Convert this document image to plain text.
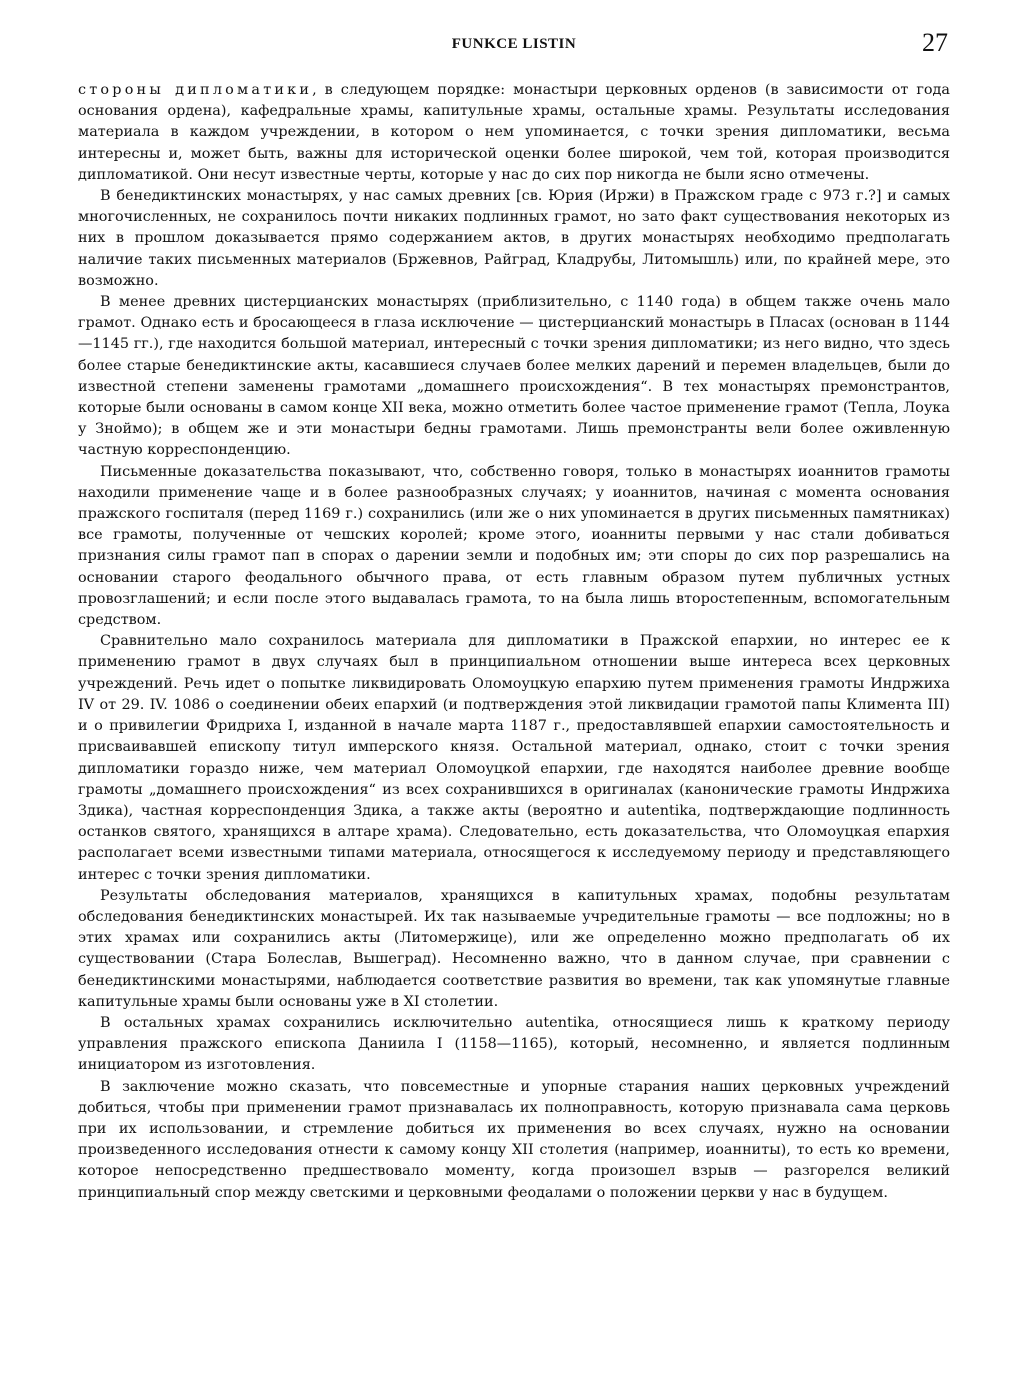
FUNKCE LISTIN	27

стороны дипломатики, в следующем порядке: монастыри церковных орденов (в зависимости от года основания ордена), кафедральные храмы, капитульные храмы, остальные храмы. Результаты исследования материала в каждом учреждении, в котором о нем упоминается, с точки зрения дипломатики, весьма интересны и, может быть, важны для исторической оценки более широкой, чем той, которая производится дипломатикой. Они несут известные черты, которые у нас до сих пор никогда не были ясно отмечены.

В бенедиктинских монастырях, у нас самых древних [св. Юрия (Иржи) в Пражском граде с 973 г.?] и самых многочисленных, не сохранилось почти никаких подлинных грамот, но зато факт существования некоторых из них в прошлом доказывается прямо содержанием актов, в других монастырях необходимо предполагать наличие таких письменных материалов (Бржевнов, Райград, Кладрубы, Литомышль) или, по крайней мере, это возможно.

В менее древних цистерцианских монастырях (приблизительно, с 1140 года) в общем также очень мало грамот. Однако есть и бросающееся в глаза исключение — цистерцианский монастырь в Пласах (основан в 1144—1145 гг.), где находится большой материал, интересный с точки зрения дипломатики; из него видно, что здесь более старые бенедиктинские акты, касавшиеся случаев более мелких дарений и перемен владельцев, были до известной степени заменены грамотами „домашнего происхождения“. В тех монастырях премонстрантов, которые были основаны в самом конце XII века, можно отметить более частое применение грамот (Тепла, Лоука у Зноймо); в общем же и эти монастыри бедны грамотами. Лишь премонстранты вели более оживленную частную корреспонденцию.

Письменные доказательства показывают, что, собственно говоря, только в монастырях иоаннитов грамоты находили применение чаще и в более разнообразных случаях; у иоаннитов, начиная с момента основания пражского госпиталя (перед 1169 г.) сохранились (или же о них упоминается в других письменных памятниках) все грамоты, полученные от чешских королей; кроме этого, иоанниты первыми у нас стали добиваться признания силы грамот пап в спорах о дарении земли и подобных им; эти споры до сих пор разрешались на основании старого феодального обычного права, от есть главным образом путем публичных устных провозглашений; и если после этого выдавалась грамота, то на была лишь второстепенным, вспомогательным средством.

Сравнительно мало сохранилось материала для дипломатики в Пражской епархии, но интерес ее к применению грамот в двух случаях был в принципиальном отношении выше интереса всех церковных учреждений. Речь идет о попытке ликвидировать Оломоуцкую епархию путем применения грамоты Индржиха IV от 29. IV. 1086 о соединении обеих епархий (и подтверждения этой ликвидации грамотой папы Климента III) и о привилегии Фридриха I, изданной в начале марта 1187 г., предоставлявшей епархии самостоятельность и присваивавшей епископу титул имперского князя. Остальной материал, однако, стоит с точки зрения дипломатики гораздо ниже, чем материал Оломоуцкой епархии, где находятся наиболее древние вообще грамоты „домашнего происхождения“ из всех сохранившихся в оригиналах (канонические грамоты Индржиха Здика), частная корреспонденция Здика, а также акты (вероятно и autentika, подтверждающие подлинность останков святого, хранящихся в алтаре храма). Следовательно, есть доказательства, что Оломоуцкая епархия располагает всеми известными типами материала, относящегося к исследуемому периоду и представляющего интерес с точки зрения дипломатики.

Результаты обследования материалов, хранящихся в капитульных храмах, подобны результатам обследования бенедиктинских монастырей. Их так называемые учредительные грамоты — все подложны; но в этих храмах или сохранились акты (Литомержице), или же определенно можно предполагать об их существовании (Стара Болеслав, Вышеград). Несомненно важно, что в данном случае, при сравнении с бенедиктинскими монастырями, наблюдается соответствие развития во времени, так как упомянутые главные капитульные храмы были основаны уже в XI столетии.

В остальных храмах сохранились исключительно autentika, относящиеся лишь к краткому периоду управления пражского епископа Даниила I (1158—1165), который, несомненно, и является подлинным инициатором из изготовления.

В заключение можно сказать, что повсеместные и упорные старания наших церковных учреждений добиться, чтобы при применении грамот признавалась их полноправность, которую признавала сама церковь при их использовании, и стремление добиться их применения во всех случаях, нужно на основании произведенного исследования отнести к самому концу XII столетия (например, иоанниты), то есть ко времени, которое непосредственно предшествовало моменту, когда произошел взрыв — разгорелся великий принципиальный спор между светскими и церковными феодалами о положении церкви у нас в будущем.
